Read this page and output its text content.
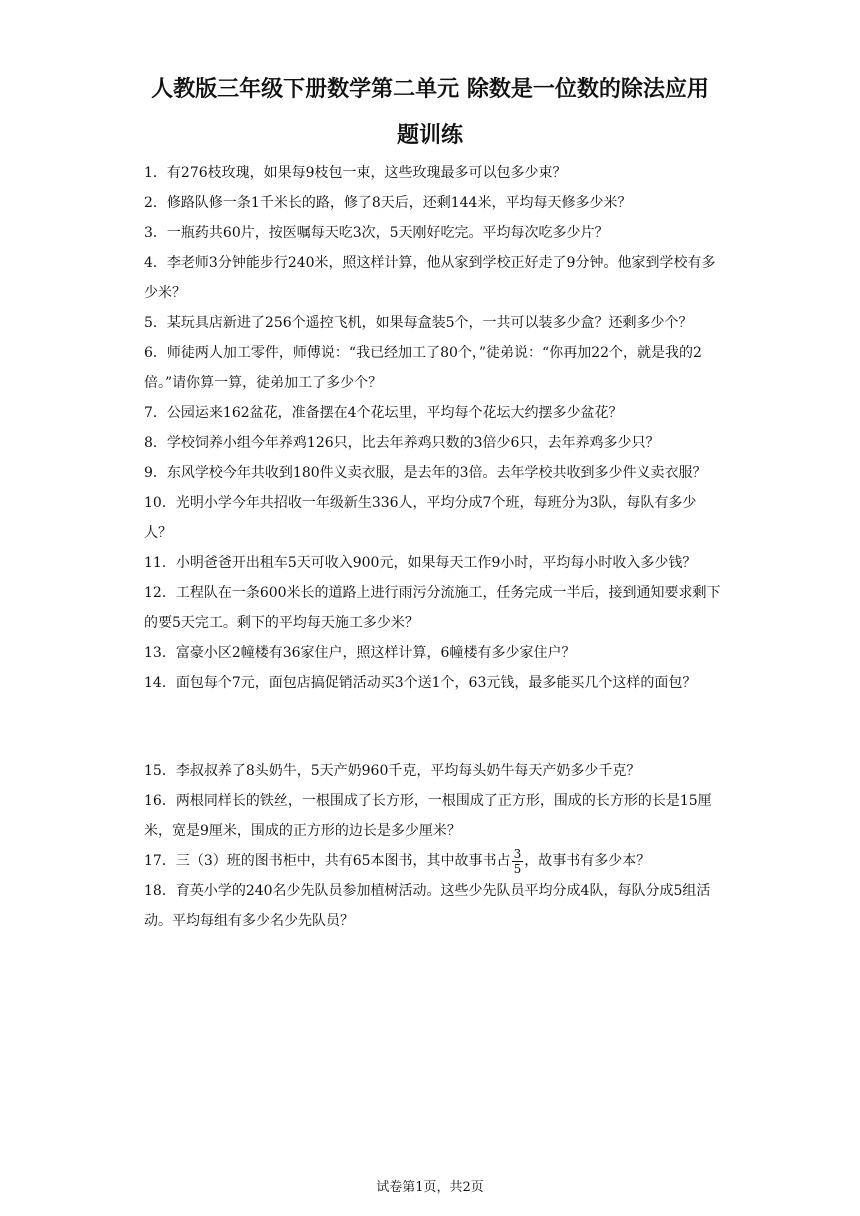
人教版三年级下册数学第二单元 除数是一位数的除法应用
题训练

1．有276枝玫瑰，如果每9枝包一束，这些玫瑰最多可以包多少束？

2．修路队修一条1千米长的路，修了8天后，还剩144米，平均每天修多少米？

3．一瓶药共60片，按医嘱每天吃3次，5天刚好吃完。平均每次吃多少片？

4．李老师3分钟能步行240米，照这样计算，他从家到学校正好走了9分钟。他家到学校有多少米？

5．某玩具店新进了256个遥控飞机，如果每盒装5个，一共可以装多少盒？还剩多少个？

6．师徒两人加工零件，师傅说：“我已经加工了80个，”徒弟说：“你再加22个，就是我的2倍。”请你算一算，徒弟加工了多少个？

7．公园运来162盆花，准备摆在4个花坛里，平均每个花坛大约摆多少盆花？

8．学校饲养小组今年养鸡126只，比去年养鸡只数的3倍少6只，去年养鸡多少只？

9．东风学校今年共收到180件义卖衣服，是去年的3倍。去年学校共收到多少件义卖衣服？

10．光明小学今年共招收一年级新生336人，平均分成7个班，每班分为3队，每队有多少人？

11．小明爸爸开出租车5天可收入900元，如果每天工作9小时，平均每小时收入多少钱？

12．工程队在一条600米长的道路上进行雨污分流施工，任务完成一半后，接到通知要求剩下的要5天完工。剩下的平均每天施工多少米？

13．富豪小区2幢楼有36家住户，照这样计算，6幢楼有多少家住户？

14．面包每个7元，面包店搞促销活动买3个送1个，63元钱，最多能买几个这样的面包？

15．李叔叔养了8头奶牛，5天产奶960千克，平均每头奶牛每天产奶多少千克？

16．两根同样长的铁丝，一根围成了长方形，一根围成了正方形，围成的长方形的长是15厘米，宽是9厘米，围成的正方形的边长是多少厘米？

17．三（3）班的图书柜中，共有65本图书，其中故事书占 $\frac{3}{5}$ ，故事书有多少本？

18．育英小学的240名少先队员参加植树活动。这些少先队员平均分成4队，每队分成5组活动。平均每组有多少名少先队员？

试卷第1页，共2页
